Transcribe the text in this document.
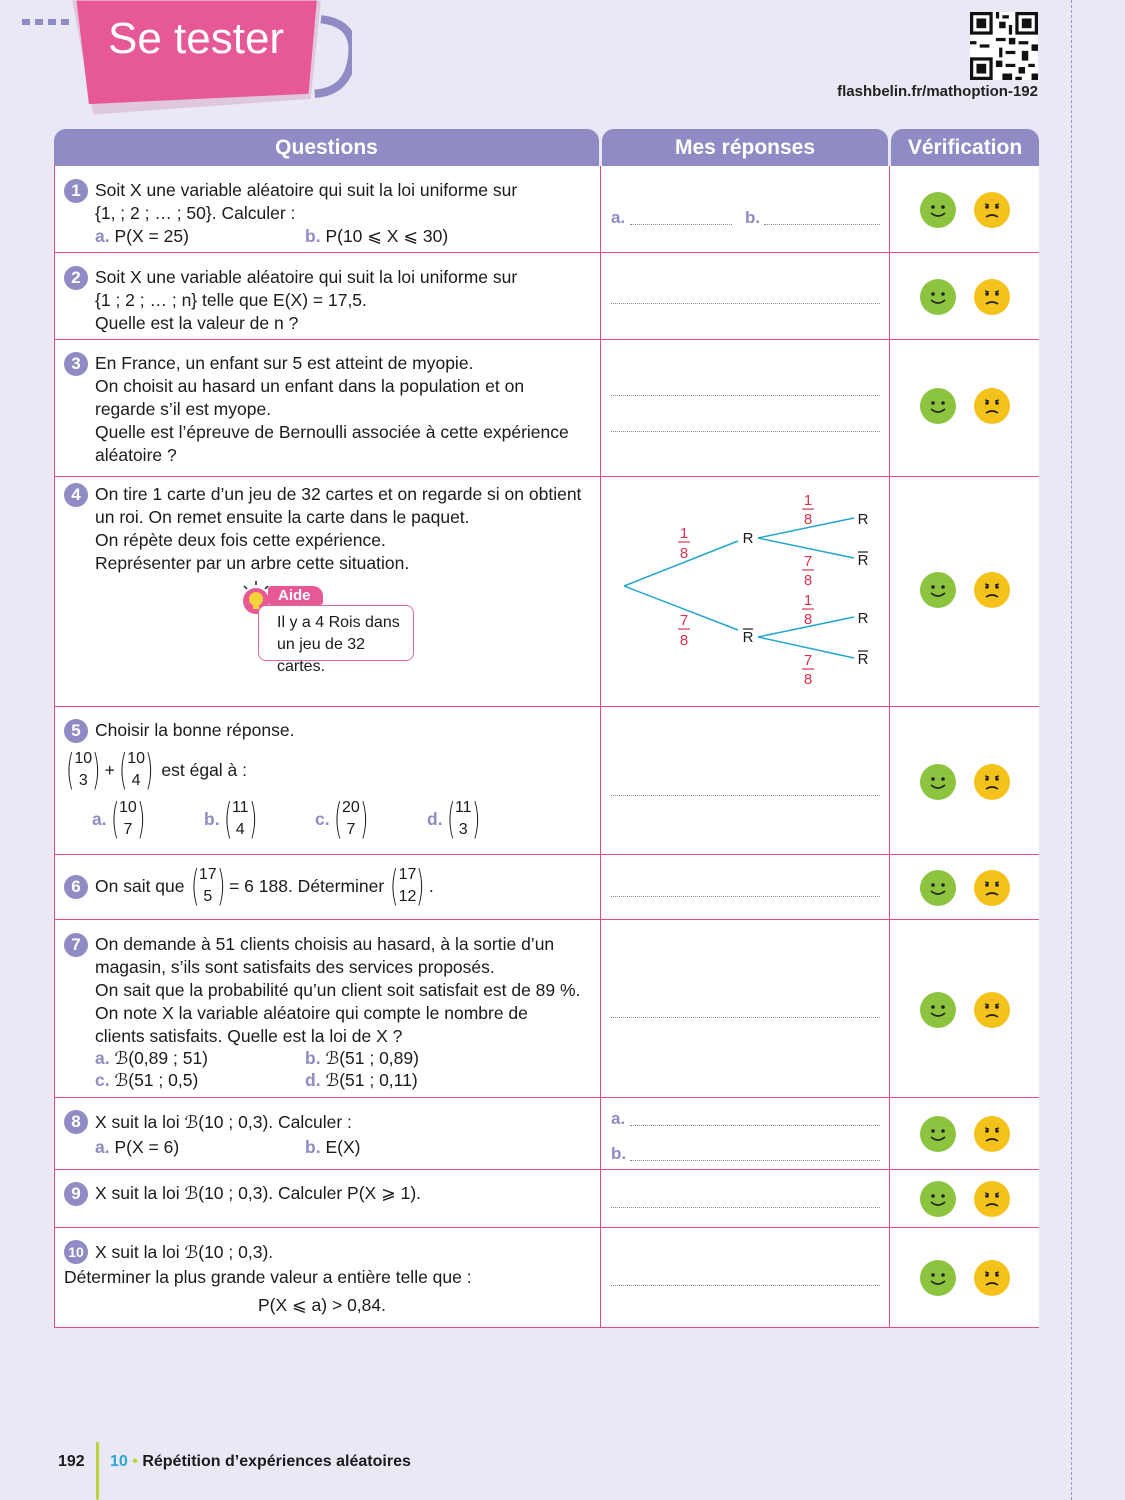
Se tester
flashbelin.fr/mathoption-192
Questions	Mes réponses	Vérification
1 Soit X une variable aléatoire qui suit la loi uniforme sur
{1, ; 2 ; … ; 50}. Calculer :
a. P(X = 25)	b. P(10 ⩽ X ⩽ 30)
a.	b.
2 Soit X une variable aléatoire qui suit la loi uniforme sur
{1 ; 2 ; … ; n} telle que E(X) = 17,5.
Quelle est la valeur de n ?
3 En France, un enfant sur 5 est atteint de myopie.
On choisit au hasard un enfant dans la population et on
regarde s’il est myope.
Quelle est l’épreuve de Bernoulli associée à cette expérience
aléatoire ?
4 On tire 1 carte d’un jeu de 32 cartes et on regarde si on obtient
un roi. On remet ensuite la carte dans le paquet.
On répète deux fois cette expérience.
Représenter par un arbre cette situation.
Aide
Il y a 4 Rois dans
un jeu de 32 cartes.
1
8
7
8
1
8
7
8
1
8
7
8
R
R
R
R
R
R
5 Choisir la bonne réponse.
( 10
3 ) + ( 10
4 ) est égal à :
a. ( 10
7 )	b. ( 11
4 )	c. ( 20
7 )	d. ( 11
3 )
6 On sait que ( 17
5 ) = 6 188. Déterminer ( 17
12 ) .
7 On demande à 51 clients choisis au hasard, à la sortie d’un
magasin, s’ils sont satisfaits des services proposés.
On sait que la probabilité qu’un client soit satisfait est de 89 %.
On note X la variable aléatoire qui compte le nombre de
clients satisfaits. Quelle est la loi de X ?
a. ℬ(0,89 ; 51)	b. ℬ(51 ; 0,89)
c. ℬ(51 ; 0,5)	d. ℬ(51 ; 0,11)
8 X suit la loi ℬ(10 ; 0,3). Calculer :
a. P(X = 6)	b. E(X)
a.
b.
9 X suit la loi ℬ(10 ; 0,3). Calculer P(X ⩾ 1).
10 X suit la loi ℬ(10 ; 0,3).
Déterminer la plus grande valeur a entière telle que :
P(X ⩽ a) > 0,84.
192 10 • Répétition d’expériences aléatoires
